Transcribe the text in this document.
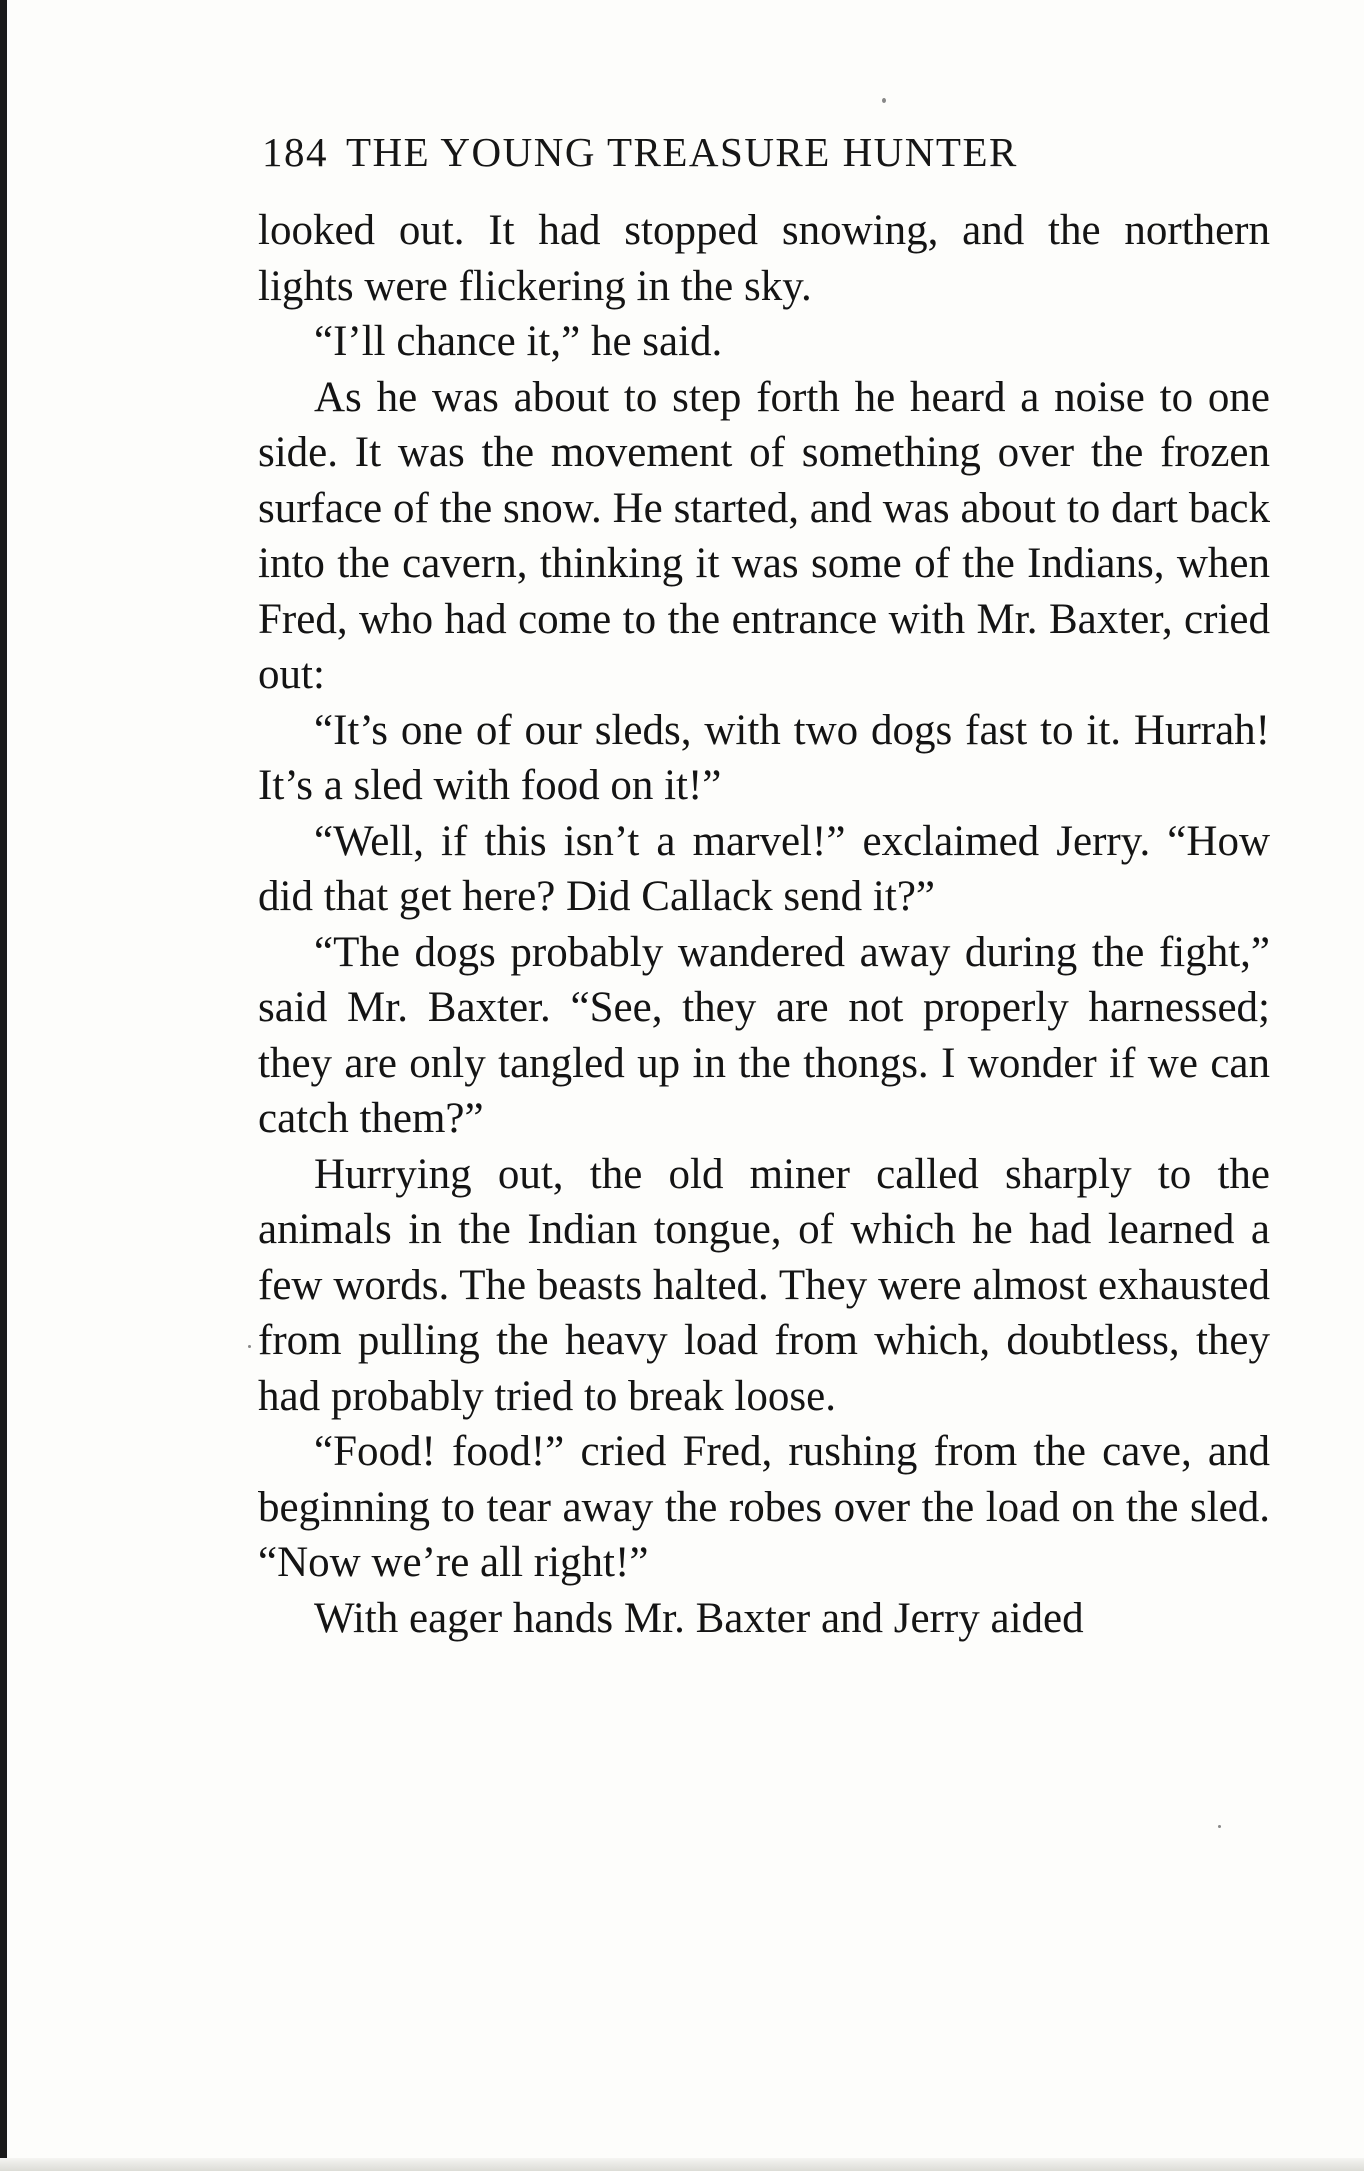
184 THE YOUNG TREASURE HUNTER

looked out. It had stopped snowing, and the northern lights were flickering in the sky.

“I’ll chance it,” he said.

As he was about to step forth he heard a noise to one side. It was the movement of something over the frozen surface of the snow. He started, and was about to dart back into the cavern, thinking it was some of the Indians, when Fred, who had come to the entrance with Mr. Baxter, cried out:

“It’s one of our sleds, with two dogs fast to it. Hurrah! It’s a sled with food on it!”

“Well, if this isn’t a marvel!” exclaimed Jerry. “How did that get here? Did Callack send it?”

“The dogs probably wandered away during the fight,” said Mr. Baxter. “See, they are not properly harnessed; they are only tangled up in the thongs. I wonder if we can catch them?”

Hurrying out, the old miner called sharply to the animals in the Indian tongue, of which he had learned a few words. The beasts halted. They were almost exhausted from pulling the heavy load from which, doubtless, they had probably tried to break loose.

“Food! food!” cried Fred, rushing from the cave, and beginning to tear away the robes over the load on the sled. “Now we’re all right!”

With eager hands Mr. Baxter and Jerry aided
